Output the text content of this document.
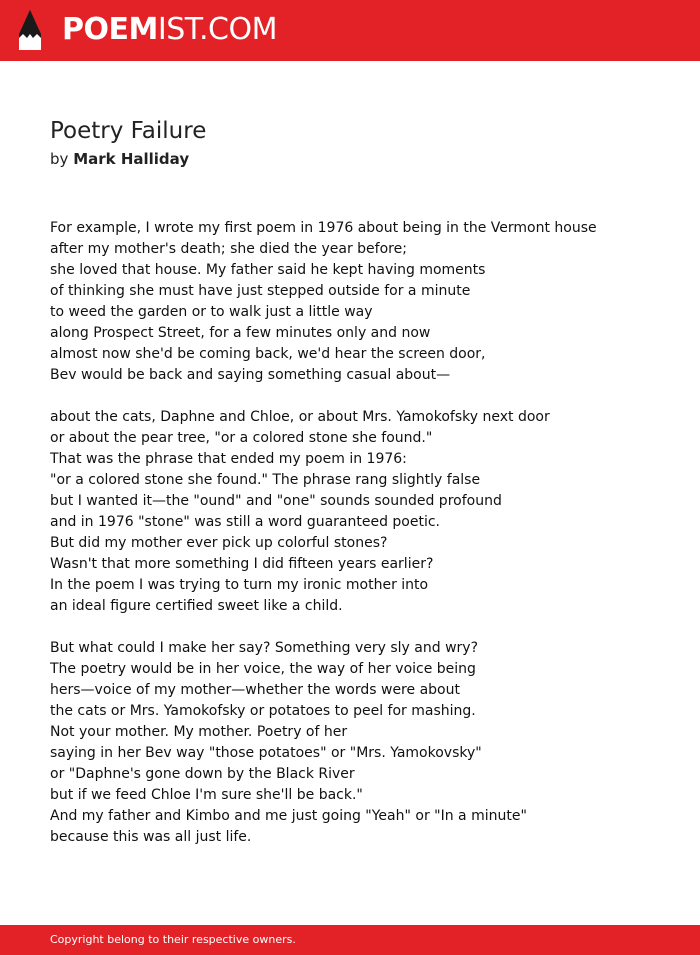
POEMIST.COM
Poetry Failure
by Mark Halliday
For example, I wrote my first poem in 1976 about being in the Vermont house
after my mother's death; she died the year before;
she loved that house. My father said he kept having moments
of thinking she must have just stepped outside for a minute
to weed the garden or to walk just a little way
along Prospect Street, for a few minutes only and now
almost now she'd be coming back, we'd hear the screen door,
Bev would be back and saying something casual about—
about the cats, Daphne and Chloe, or about Mrs. Yamokofsky next door
or about the pear tree, "or a colored stone she found."
That was the phrase that ended my poem in 1976:
"or a colored stone she found." The phrase rang slightly false
but I wanted it—the "ound" and "one" sounds sounded profound
and in 1976 "stone" was still a word guaranteed poetic.
But did my mother ever pick up colorful stones?
Wasn't that more something I did fifteen years earlier?
In the poem I was trying to turn my ironic mother into
an ideal figure certified sweet like a child.
But what could I make her say? Something very sly and wry?
The poetry would be in her voice, the way of her voice being
hers—voice of my mother—whether the words were about
the cats or Mrs. Yamokofsky or potatoes to peel for mashing.
Not your mother. My mother. Poetry of her
saying in her Bev way "those potatoes" or "Mrs. Yamokovsky"
or "Daphne's gone down by the Black River
but if we feed Chloe I'm sure she'll be back."
And my father and Kimbo and me just going "Yeah" or "In a minute"
because this was all just life.
Copyright belong to their respective owners.
